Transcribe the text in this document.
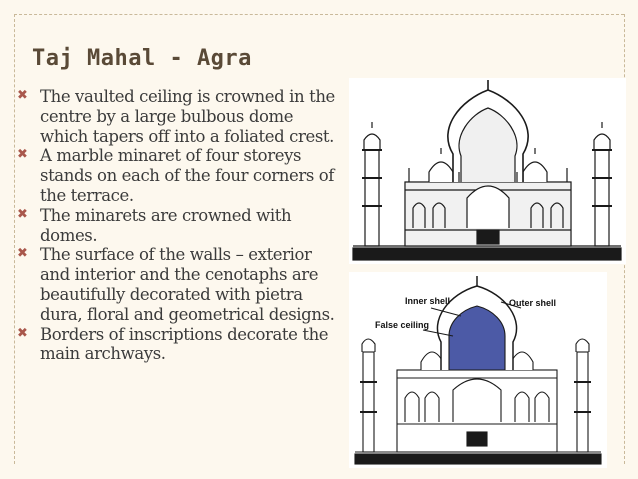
Taj Mahal - Agra
✖ The vaulted ceiling is crowned in the centre by a large bulbous dome which tapers off into a foliated crest.
✖ A marble minaret of four storeys stands on each of the four corners of the terrace.
✖ The minarets are crowned with domes.
✖ The surface of the walls – exterior and interior and the cenotaphs are beautifully decorated with pietra dura, floral and geometrical designs.
✖ Borders of inscriptions decorate the main archways.
Inner shell	Outer shell
False ceiling
